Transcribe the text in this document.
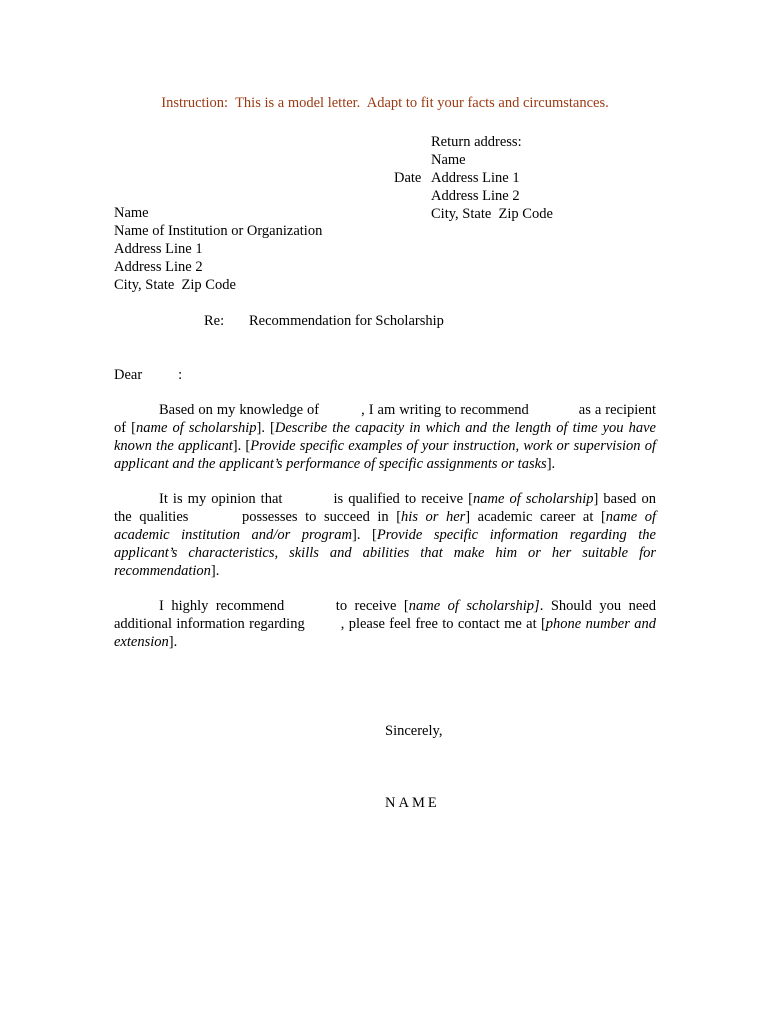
Instruction:  This is a model letter.  Adapt to fit your facts and circumstances.
Return address:
Name
Address Line 1
Address Line 2
City, State  Zip Code
Date
Name
Name of Institution or Organization
Address Line 1
Address Line 2
City, State  Zip Code
Re: Recommendation for Scholarship
Dear :
Based on my knowledge of	, I am writing to recommend	as a recipient of [name of scholarship]. [Describe the capacity in which and the length of time you have known the applicant]. [Provide specific examples of your instruction, work or supervision of applicant and the applicant’s performance of specific assignments or tasks].
It is my opinion that	is qualified to receive [name of scholarship] based on the qualities	possesses to succeed in [his or her] academic career at [name of academic institution and/or program]. [Provide specific information regarding the applicant’s characteristics, skills and abilities that make him or her suitable for recommendation].
I highly recommend	to receive [name of scholarship]. Should you need additional information regarding , please feel free to contact me at [phone number and extension].
Sincerely,
NAME
